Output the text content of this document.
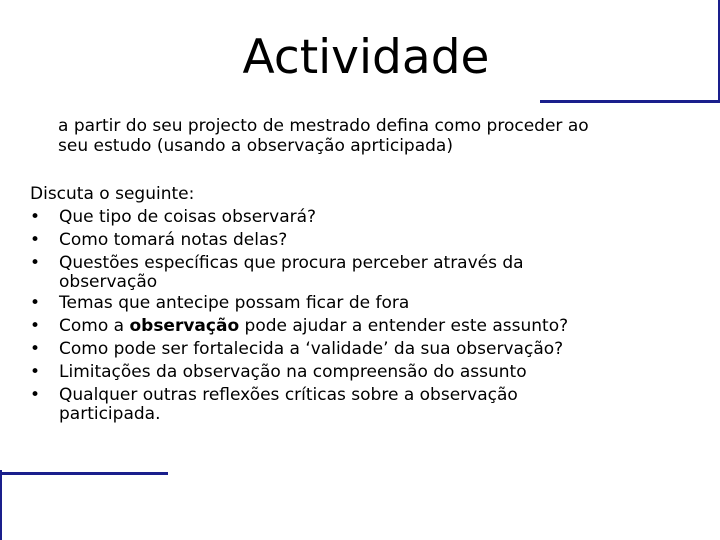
Actividade
a partir do seu projecto de mestrado defina como proceder ao
seu estudo (usando a observação aprticipada)
Discuta o seguinte:
• Que tipo de coisas observará?
• Como tomará notas delas?
• Questões específicas que procura perceber através da
observação
• Temas que antecipe possam ficar de fora
• Como a observação pode ajudar a entender este assunto?
• Como pode ser fortalecida a ‘validade’ da sua observação?
• Limitações da observação na compreensão do assunto
• Qualquer outras reflexões críticas sobre a observação
participada.
